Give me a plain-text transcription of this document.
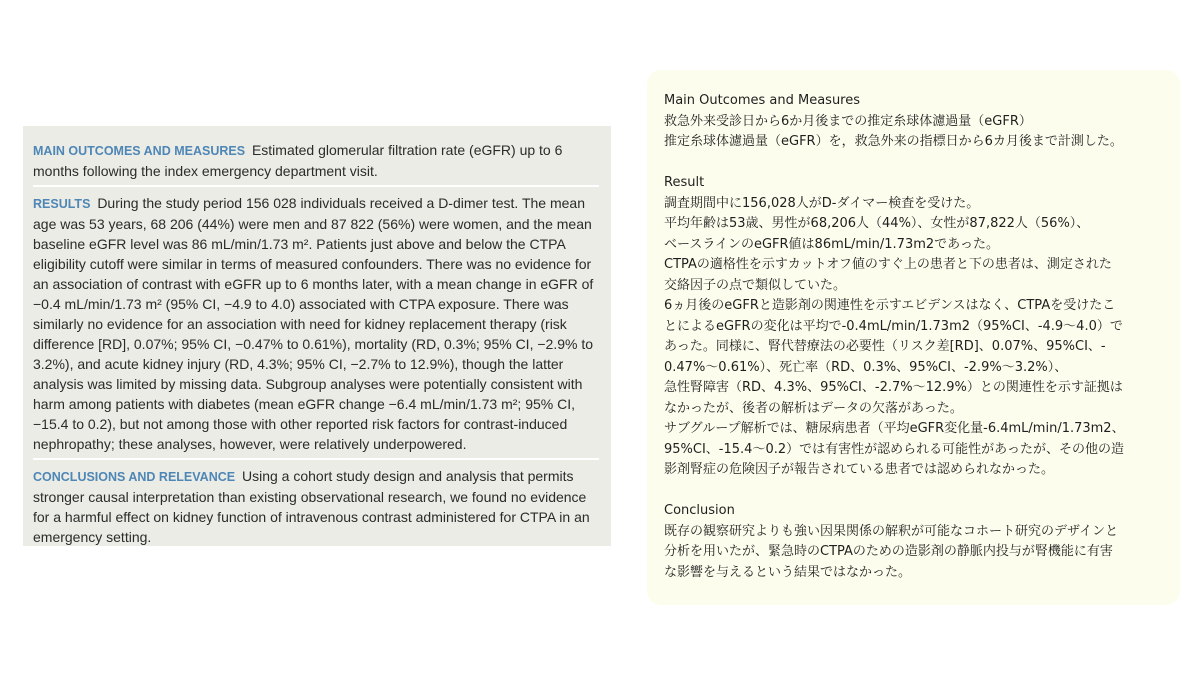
MAIN OUTCOMES AND MEASURES Estimated glomerular filtration rate (eGFR) up to 6 months following the index emergency department visit.
RESULTS During the study period 156 028 individuals received a D-dimer test. The mean age was 53 years, 68 206 (44%) were men and 87 822 (56%) were women, and the mean baseline eGFR level was 86 mL/min/1.73 m². Patients just above and below the CTPA eligibility cutoff were similar in terms of measured confounders. There was no evidence for an association of contrast with eGFR up to 6 months later, with a mean change in eGFR of −0.4 mL/min/1.73 m² (95% CI, −4.9 to 4.0) associated with CTPA exposure. There was similarly no evidence for an association with need for kidney replacement therapy (risk difference [RD], 0.07%; 95% CI, −0.47% to 0.61%), mortality (RD, 0.3%; 95% CI, −2.9% to 3.2%), and acute kidney injury (RD, 4.3%; 95% CI, −2.7% to 12.9%), though the latter analysis was limited by missing data. Subgroup analyses were potentially consistent with harm among patients with diabetes (mean eGFR change −6.4 mL/min/1.73 m²; 95% CI, −15.4 to 0.2), but not among those with other reported risk factors for contrast-induced nephropathy; these analyses, however, were relatively underpowered.
CONCLUSIONS AND RELEVANCE Using a cohort study design and analysis that permits stronger causal interpretation than existing observational research, we found no evidence for a harmful effect on kidney function of intravenous contrast administered for CTPA in an emergency setting.
Main Outcomes and Measures
救急外来受診日から6か月後までの推定糸球体濾過量（eGFR）
推定糸球体濾過量（eGFR）を，救急外来の指標日から6カ月後まで計測した。
Result
調査期間中に156,028人がD-ダイマー検査を受けた。
平均年齢は53歳、男性が68,206人（44%）、女性が87,822人（56%）、
ベースラインのeGFR値は86mL/min/1.73m2であった。
CTPAの適格性を示すカットオフ値のすぐ上の患者と下の患者は、測定された
交絡因子の点で類似していた。
6ヵ月後のeGFRと造影剤の関連性を示すエビデンスはなく、CTPAを受けたこ
とによるeGFRの変化は平均で-0.4mL/min/1.73m2（95%CI、-4.9〜4.0）で
あった。同様に、腎代替療法の必要性（リスク差[RD]、0.07%、95%CI、-
0.47%〜0.61%）、死亡率（RD、0.3%、95%CI、-2.9%〜3.2%）、
急性腎障害（RD、4.3%、95%CI、-2.7%〜12.9%）との関連性を示す証拠は
なかったが、後者の解析はデータの欠落があった。
サブグループ解析では、糖尿病患者（平均eGFR変化量-6.4mL/min/1.73m2、
95%CI、-15.4〜0.2）では有害性が認められる可能性があったが、その他の造
影剤腎症の危険因子が報告されている患者では認められなかった。
Conclusion
既存の観察研究よりも強い因果関係の解釈が可能なコホート研究のデザインと
分析を用いたが、緊急時のCTPAのための造影剤の静脈内投与が腎機能に有害
な影響を与えるという結果ではなかった。
